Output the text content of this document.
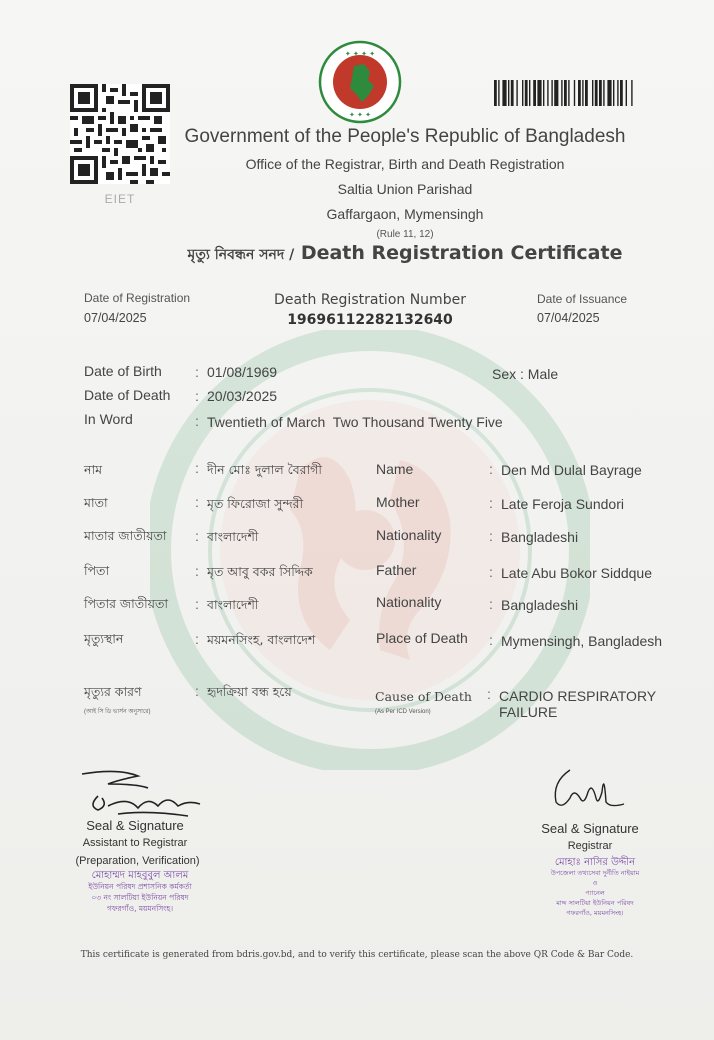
EIET
✦ ✦ ✦ ✦
✦ ✦ ✦
Government of the People's Republic of Bangladesh
Office of the Registrar, Birth and Death Registration
Saltia Union Parishad
Gaffargaon, Mymensingh
(Rule 11, 12)
মৃত্যু নিবন্ধন সনদ / Death Registration Certificate
Date of Registration
07/04/2025
Death Registration Number
19696112282132640
Date of Issuance
07/04/2025
Date of Birth : 01/08/1969	Sex : Male
Date of Death : 20/03/2025
In Word	: Twentieth of March  Two Thousand Twenty Five
নাম	: দীন মোঃ দুলাল বৈরাগী	Name	: Den Md Dulal Bayrage
মাতা	: মৃত ফিরোজা সুন্দরী	Mother	: Late Feroja Sundori
মাতার জাতীয়তা : বাংলাদেশী	Nationality	: Bangladeshi
পিতা	: মৃত আবু বকর সিদ্দিক	Father	: Late Abu Bokor Siddque
পিতার জাতীয়তা : বাংলাদেশী	Nationality	: Bangladeshi
মৃত্যুস্থান	: ময়মনসিংহ, বাংলাদেশ	Place of Death : Mymensingh, Bangladesh
মৃত্যুর কারণ
(আই সি ডি ভার্সন অনুসারে)
: হৃদক্রিয়া বন্ধ হয়ে	Cause of Death
(As Per ICD Version)
: CARDIO RESPIRATORY
FAILURE
Seal & Signature
Assistant to Registrar
(Preparation, Verification)
মোহাম্মদ মাহবুবুল আলম
ইউনিয়ন পরিষদ প্রশাসনিক কর্মকর্তা
০৩ নং সালটিয়া ইউনিয়ন পরিষদ
গফরগাঁও, ময়মনসিংহ।
Seal & Signature
Registrar
মোহাঃ নাসির উদ্দীন
উপজেলা তথ্যসেবা দুর্নীতি নাইয়াম
ও
প্যানেল
মাদ্দ সালটিয়া ইউনিয়ন পরিষদ
গফরগাঁও, ময়মনসিংহ।
This certificate is generated from bdris.gov.bd, and to verify this certificate, please scan the above QR Code & Bar Code.
